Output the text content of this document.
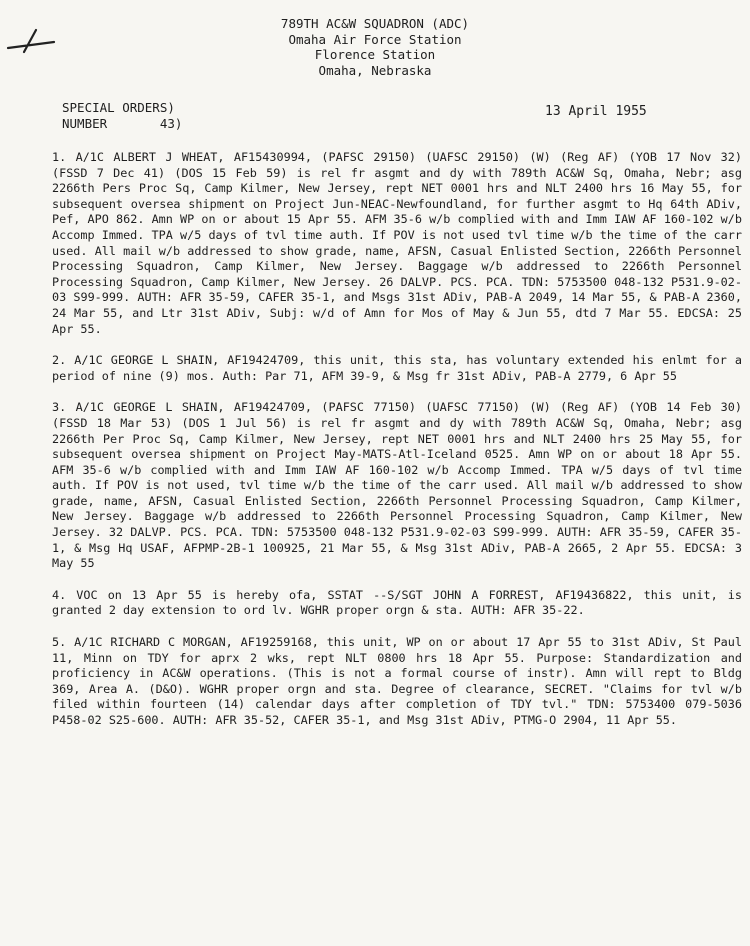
789TH AC&W SQUADRON (ADC)
Omaha Air Force Station
Florence Station
Omaha, Nebraska
SPECIAL ORDERS)
NUMBER	43)
13 April 1955

1. A/1C ALBERT J WHEAT, AF15430994, (PAFSC 29150) (UAFSC 29150) (W) (Reg AF) (YOB 17 Nov 32) (FSSD 7 Dec 41) (DOS 15 Feb 59) is rel fr asgmt and dy with 789th AC&W Sq, Omaha, Nebr; asg 2266th Pers Proc Sq, Camp Kilmer, New Jersey, rept NET 0001 hrs and NLT 2400 hrs 16 May 55, for subsequent oversea shipment on Project Jun-NEAC-Newfoundland, for further asgmt to Hq 64th ADiv, Pef, APO 862. Amn WP on or about 15 Apr 55. AFM 35-6 w/b complied with and Imm IAW AF 160-102 w/b Accomp Immed. TPA w/5 days of tvl time auth. If POV is not used tvl time w/b the time of the carr used. All mail w/b addressed to show grade, name, AFSN, Casual Enlisted Section, 2266th Personnel Processing Squadron, Camp Kilmer, New Jersey. Baggage w/b addressed to 2266th Personnel Processing Squadron, Camp Kilmer, New Jersey. 26 DALVP. PCS. PCA. TDN: 5753500 048-132 P531.9-02-03 S99-999. AUTH: AFR 35-59, CAFER 35-1, and Msgs 31st ADiv, PAB-A 2049, 14 Mar 55, & PAB-A 2360, 24 Mar 55, and Ltr 31st ADiv, Subj: w/d of Amn for Mos of May & Jun 55, dtd 7 Mar 55. EDCSA: 25 Apr 55.

2. A/1C GEORGE L SHAIN, AF19424709, this unit, this sta, has voluntary extended his enlmt for a period of nine (9) mos. Auth: Par 71, AFM 39-9, & Msg fr 31st ADiv, PAB-A 2779, 6 Apr 55

3. A/1C GEORGE L SHAIN, AF19424709, (PAFSC 77150) (UAFSC 77150) (W) (Reg AF) (YOB 14 Feb 30) (FSSD 18 Mar 53) (DOS 1 Jul 56) is rel fr asgmt and dy with 789th AC&W Sq, Omaha, Nebr; asg 2266th Per Proc Sq, Camp Kilmer, New Jersey, rept NET 0001 hrs and NLT 2400 hrs 25 May 55, for subsequent oversea shipment on Project May-MATS-Atl-Iceland 0525. Amn WP on or about 18 Apr 55. AFM 35-6 w/b complied with and Imm IAW AF 160-102 w/b Accomp Immed. TPA w/5 days of tvl time auth. If POV is not used, tvl time w/b the time of the carr used. All mail w/b addressed to show grade, name, AFSN, Casual Enlisted Section, 2266th Personnel Processing Squadron, Camp Kilmer, New Jersey. Baggage w/b addressed to 2266th Personnel Processing Squadron, Camp Kilmer, New Jersey. 32 DALVP. PCS. PCA. TDN: 5753500 048-132 P531.9-02-03 S99-999. AUTH: AFR 35-59, CAFER 35-1, & Msg Hq USAF, AFPMP-2B-1 100925, 21 Mar 55, & Msg 31st ADiv, PAB-A 2665, 2 Apr 55. EDCSA: 3 May 55

4. VOC on 13 Apr 55 is hereby ofa, SSTAT --S/SGT JOHN A FORREST, AF19436822, this unit, is granted 2 day extension to ord lv. WGHR proper orgn & sta. AUTH: AFR 35-22.

5. A/1C RICHARD C MORGAN, AF19259168, this unit, WP on or about 17 Apr 55 to 31st ADiv, St Paul 11, Minn on TDY for aprx 2 wks, rept NLT 0800 hrs 18 Apr 55. Purpose: Standardization and proficiency in AC&W operations. (This is not a formal course of instr). Amn will rept to Bldg 369, Area A. (D&O). WGHR proper orgn and sta. Degree of clearance, SECRET. "Claims for tvl w/b filed within fourteen (14) calendar days after completion of TDY tvl." TDN: 5753400 079-5036 P458-02 S25-600. AUTH: AFR 35-52, CAFER 35-1, and Msg 31st ADiv, PTMG-O 2904, 11 Apr 55.
